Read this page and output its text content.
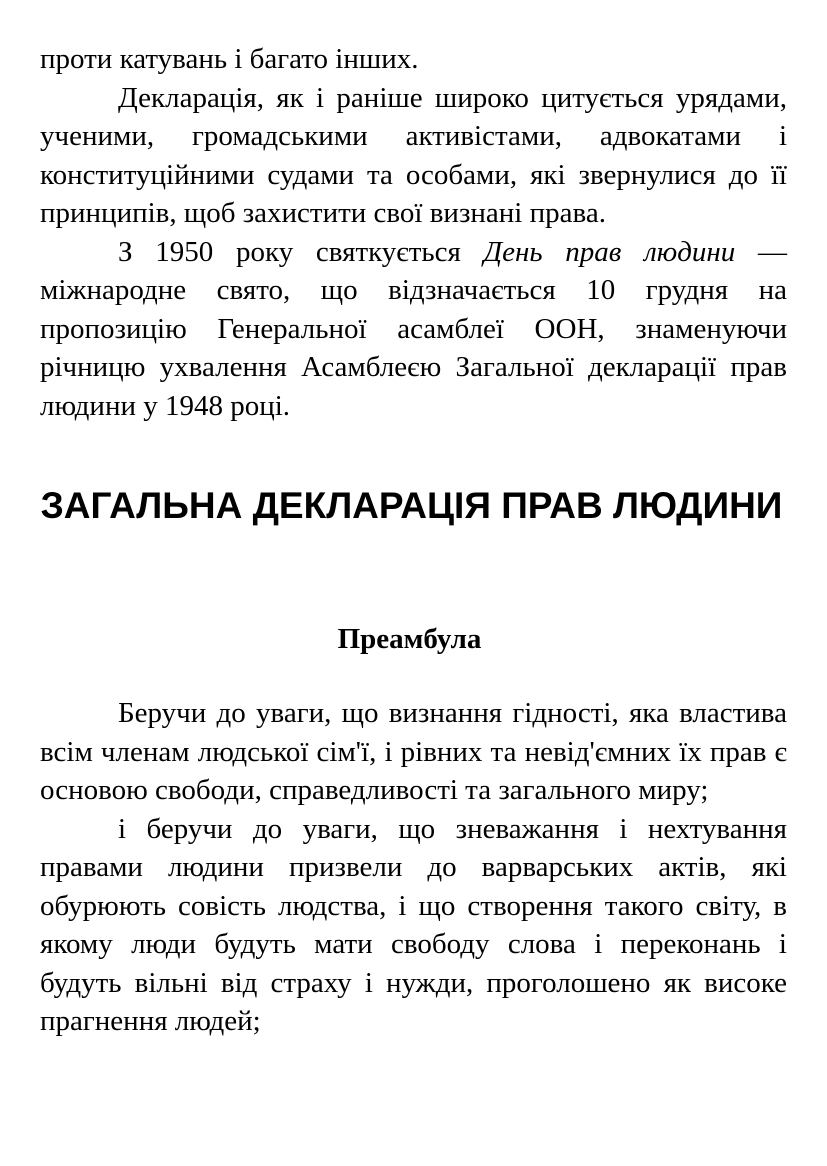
проти катувань і багато інших.

Декларація, як і раніше широко цитується урядами, ученими, громадськими активістами, адвокатами і конституційними судами та особами, які звернулися до її принципів, щоб захистити свої визнані права.

З 1950 року святкується День прав людини — міжнародне свято, що відзначається 10 грудня на пропозицію Генеральної асамблеї ООН, знаменуючи річницю ухвалення Асамблеєю Загальної декларації прав людини у 1948 році.

ЗАГАЛЬНА ДЕКЛАРАЦІЯ ПРАВ ЛЮДИНИ
Преамбула

Беручи до уваги, що визнання гідності, яка властива всім членам людської сім'ї, і рівних та невід'ємних їх прав є основою свободи, справедливості та загального миру;

і беручи до уваги, що зневажання і нехтування правами людини призвели до варварських актів, які обурюють совість людства, і що створення такого світу, в якому люди будуть мати свободу слова і переконань і будуть вільні від страху і нужди, проголошено як високе прагнення людей;
